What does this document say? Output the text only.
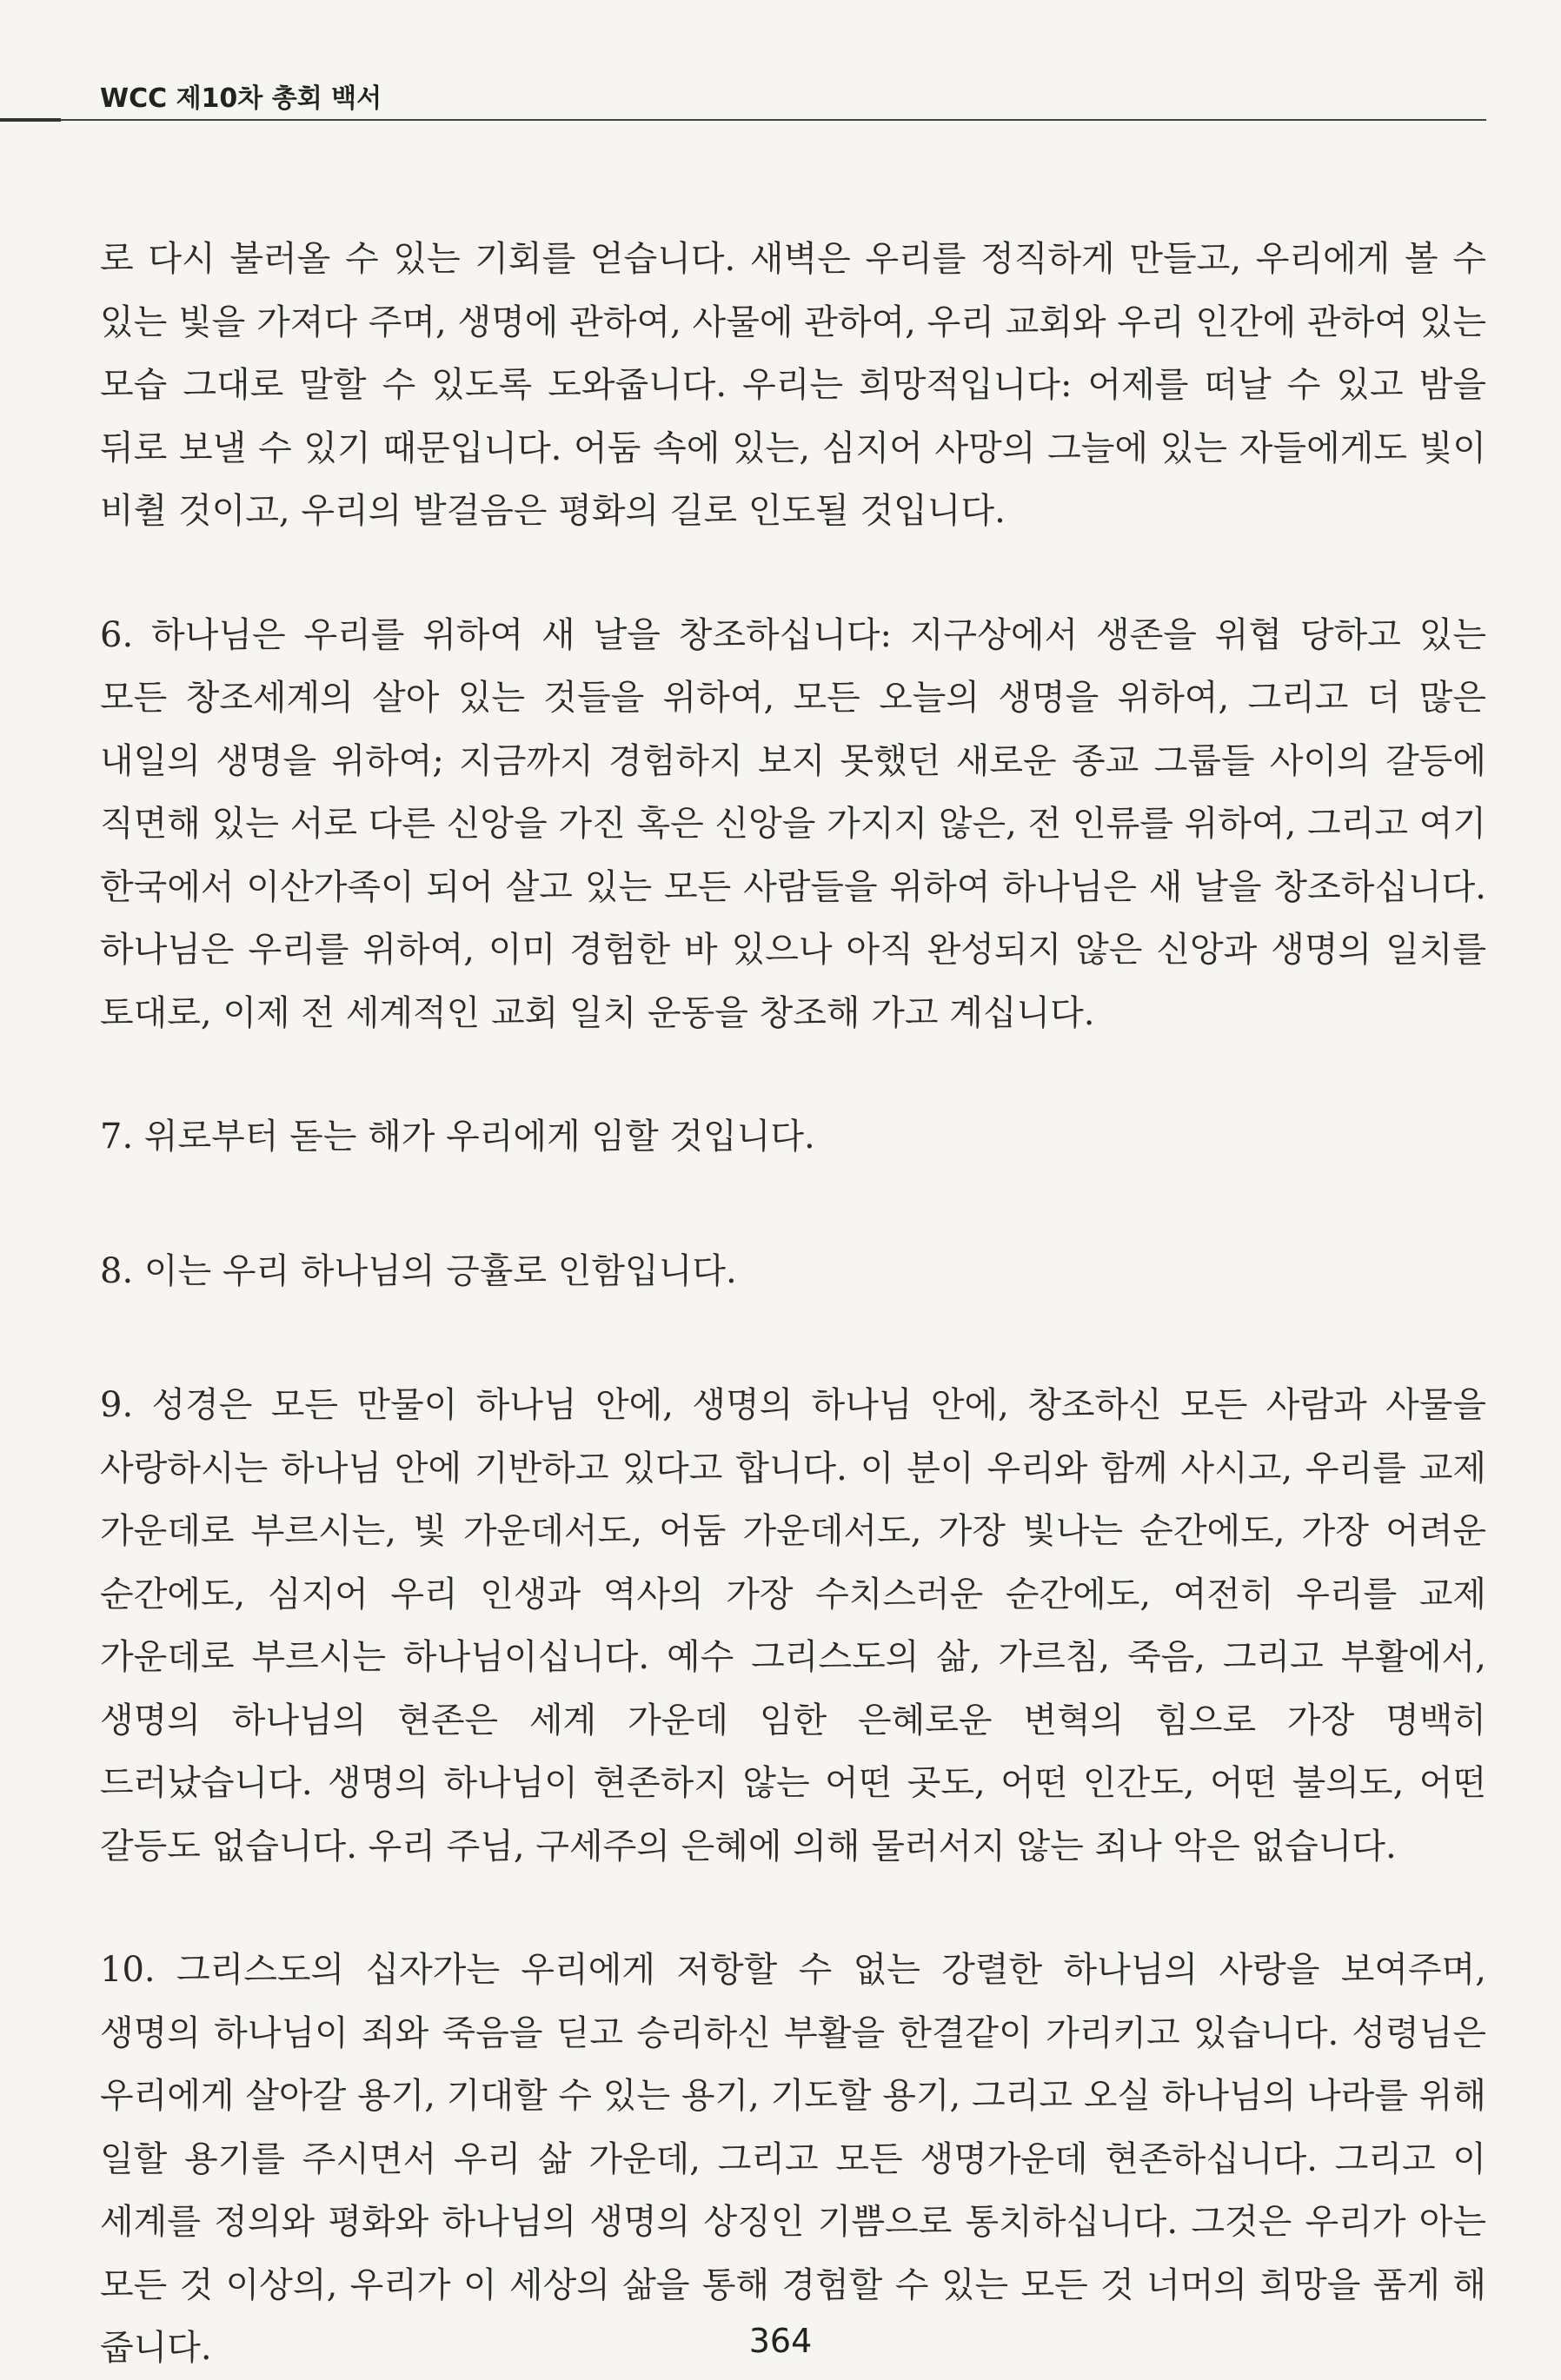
WCC 제10차 총회 백서

로 다시 불러올 수 있는 기회를 얻습니다. 새벽은 우리를 정직하게 만들고, 우리에게 볼 수 있는 빛을 가져다 주며, 생명에 관하여, 사물에 관하여, 우리 교회와 우리 인간에 관하여 있는 모습 그대로 말할 수 있도록 도와줍니다. 우리는 희망적입니다: 어제를 떠날 수 있고 밤을 뒤로 보낼 수 있기 때문입니다. 어둠 속에 있는, 심지어 사망의 그늘에 있는 자들에게도 빛이 비췰 것이고, 우리의 발걸음은 평화의 길로 인도될 것입니다.

6. 하나님은 우리를 위하여 새 날을 창조하십니다: 지구상에서 생존을 위협 당하고 있는 모든 창조세계의 살아 있는 것들을 위하여, 모든 오늘의 생명을 위하여, 그리고 더 많은 내일의 생명을 위하여; 지금까지 경험하지 보지 못했던 새로운 종교 그룹들 사이의 갈등에 직면해 있는 서로 다른 신앙을 가진 혹은 신앙을 가지지 않은, 전 인류를 위하여, 그리고 여기 한국에서 이산가족이 되어 살고 있는 모든 사람들을 위하여 하나님은 새 날을 창조하십니다. 하나님은 우리를 위하여, 이미 경험한 바 있으나 아직 완성되지 않은 신앙과 생명의 일치를 토대로, 이제 전 세계적인 교회 일치 운동을 창조해 가고 계십니다.

7. 위로부터 돋는 해가 우리에게 임할 것입니다.

8. 이는 우리 하나님의 긍휼로 인함입니다.

9. 성경은 모든 만물이 하나님 안에, 생명의 하나님 안에, 창조하신 모든 사람과 사물을 사랑하시는 하나님 안에 기반하고 있다고 합니다. 이 분이 우리와 함께 사시고, 우리를 교제 가운데로 부르시는, 빛 가운데서도, 어둠 가운데서도, 가장 빛나는 순간에도, 가장 어려운 순간에도, 심지어 우리 인생과 역사의 가장 수치스러운 순간에도, 여전히 우리를 교제 가운데로 부르시는 하나님이십니다. 예수 그리스도의 삶, 가르침, 죽음, 그리고 부활에서, 생명의 하나님의 현존은 세계 가운데 임한 은혜로운 변혁의 힘으로 가장 명백히 드러났습니다. 생명의 하나님이 현존하지 않는 어떤 곳도, 어떤 인간도, 어떤 불의도, 어떤 갈등도 없습니다. 우리 주님, 구세주의 은혜에 의해 물러서지 않는 죄나 악은 없습니다.

10. 그리스도의 십자가는 우리에게 저항할 수 없는 강렬한 하나님의 사랑을 보여주며, 생명의 하나님이 죄와 죽음을 딛고 승리하신 부활을 한결같이 가리키고 있습니다. 성령님은 우리에게 살아갈 용기, 기대할 수 있는 용기, 기도할 용기, 그리고 오실 하나님의 나라를 위해 일할 용기를 주시면서 우리 삶 가운데, 그리고 모든 생명가운데 현존하십니다. 그리고 이 세계를 정의와 평화와 하나님의 생명의 상징인 기쁨으로 통치하십니다. 그것은 우리가 아는 모든 것 이상의, 우리가 이 세상의 삶을 통해 경험할 수 있는 모든 것 너머의 희망을 품게 해 줍니다.	364
